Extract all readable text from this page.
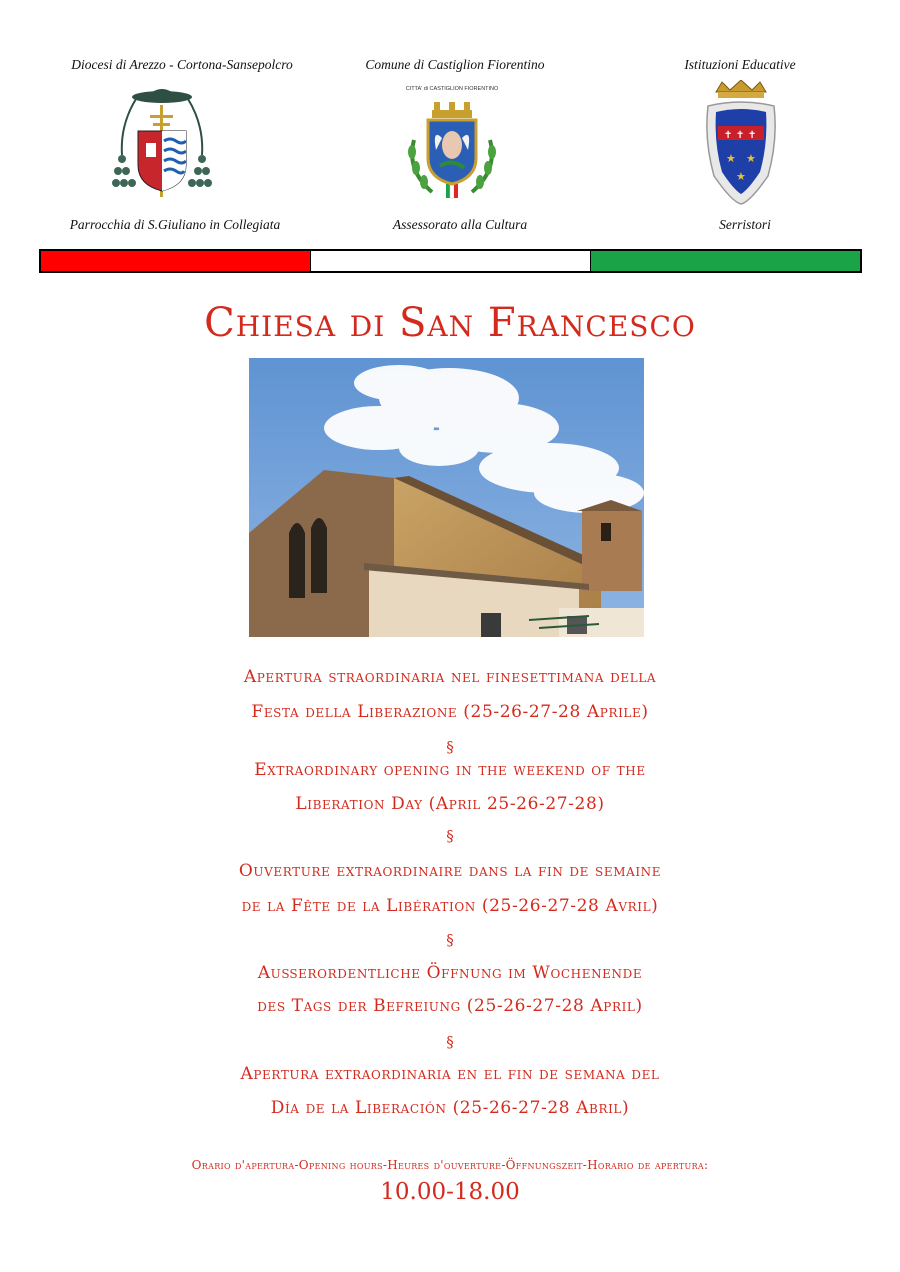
Diocesi di Arezzo - Cortona-Sansepolcro	Comune di Castiglion Fiorentino	Istituzioni Educative
CITTA' di CASTIGLION FIORENTINO
✝ ✝ ✝
★ ★
★
Parrocchia di S.Giuliano in Collegiata	Assessorato alla Cultura	Serristori
Chiesa di San Francesco
Apertura straordinaria nel finesettimana della
Festa della Liberazione (25-26-27-28 Aprile)
§
Extraordinary opening in the weekend of the
Liberation Day (April 25-26-27-28)
§
Ouverture extraordinaire dans la fin de semaine
de la Fête de la Libération (25-26-27-28 Avril)
§
Außerordentliche Öffnung im Wochenende
des Tags der Befreiung (25-26-27-28 April)
§
Apertura extraordinaria en el fin de semana del
Día de la Liberación (25-26-27-28 Abril)
Orario d'apertura-Opening hours-Heures d'ouverture-Öffnungszeit-Horario de apertura:
10.00-18.00
